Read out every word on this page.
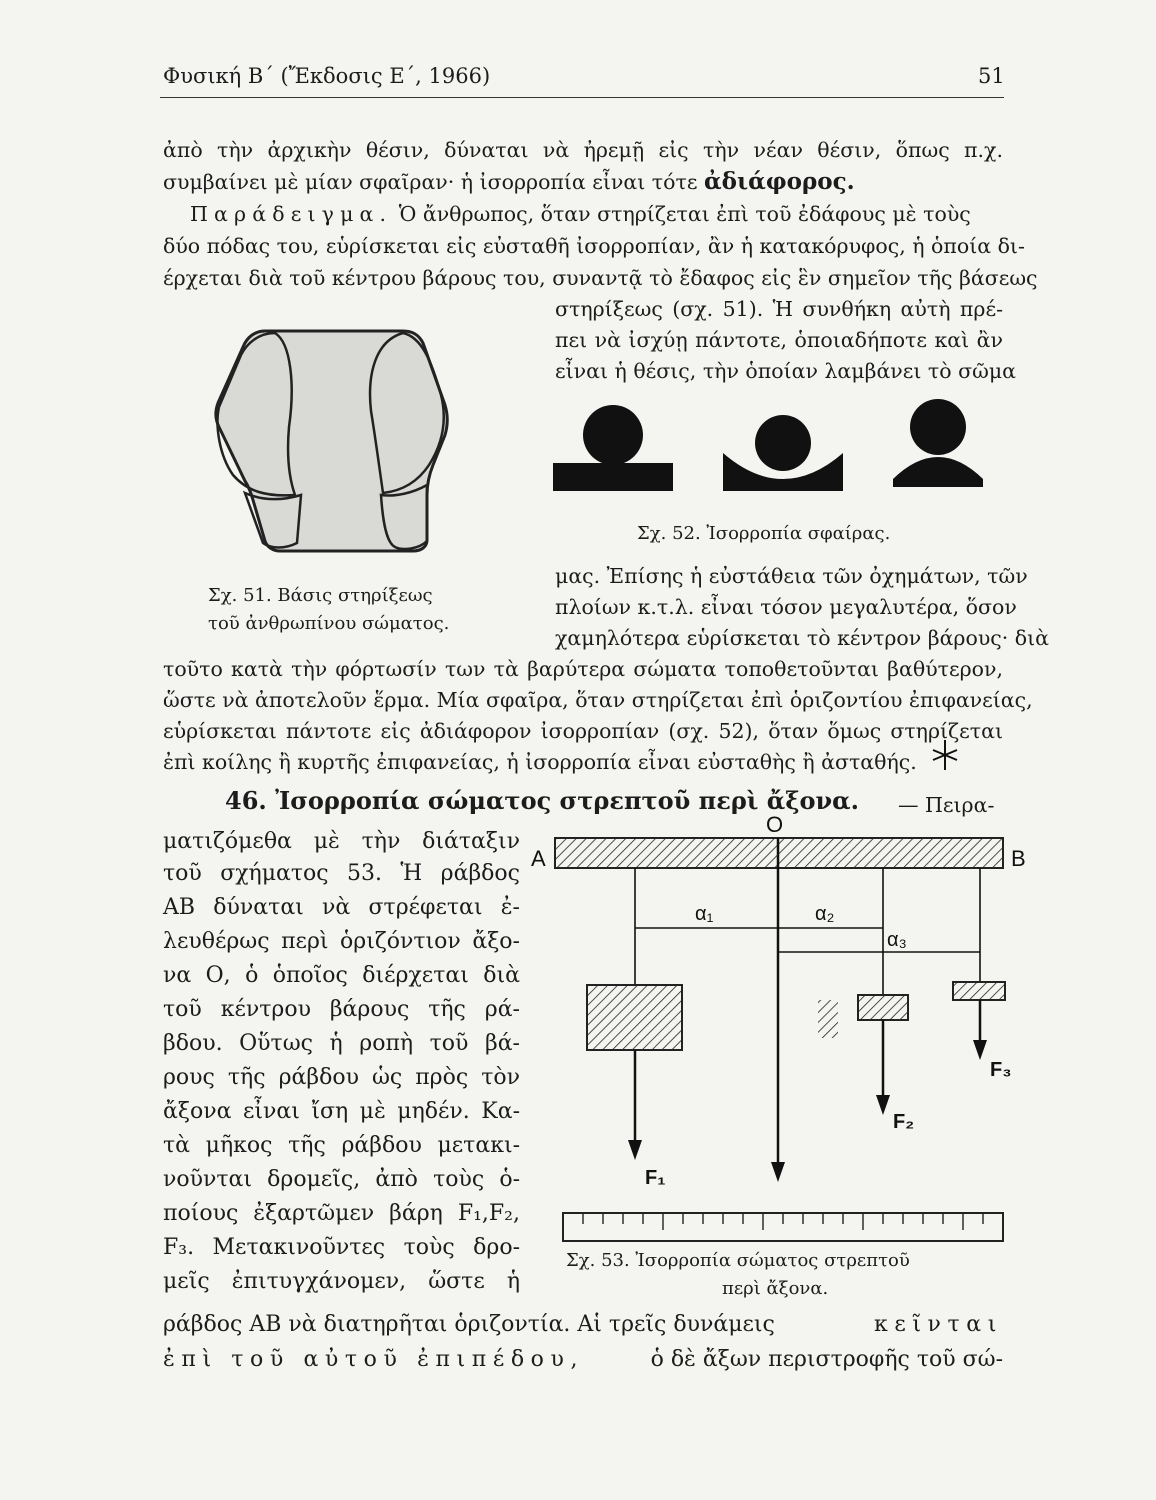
Φυσική Β΄ (Ἔκδοσις Ε΄, 1966)	51
ἀπὸ τὴν ἀρχικὴν θέσιν, δύναται νὰ ἠρεμῇ εἰς τὴν νέαν θέσιν, ὅπως π.χ.
συμβαίνει μὲ μίαν σφαῖραν· ἡ ἰσορροπία εἶναι τότε ἀδιάφορος.
Παράδειγμα. Ὁ ἄνθρωπος, ὅταν στηρίζεται ἐπὶ τοῦ ἐδάφους μὲ τοὺς
δύο πόδας του, εὑρίσκεται εἰς εὐσταθῆ ἰσορροπίαν, ἂν ἡ κατακόρυφος, ἡ ὁποία δι-
έρχεται διὰ τοῦ κέντρου βάρους του, συναντᾷ τὸ ἔδαφος εἰς ἓν σημεῖον τῆς βάσεως
στηρίξεως (σχ. 51). Ἡ συνθήκη αὐτὴ πρέ-
πει νὰ ἰσχύῃ πάντοτε, ὁποιαδήποτε καὶ ἂν
εἶναι ἡ θέσις, τὴν ὁποίαν λαμβάνει τὸ σῶμα
Σχ. 51. Βάσις στηρίξεως
τοῦ ἀνθρωπίνου σώματος.
Σχ. 52. Ἰσορροπία σφαίρας.
μας. Ἐπίσης ἡ εὐστάθεια τῶν ὀχημάτων, τῶν
πλοίων κ.τ.λ. εἶναι τόσον μεγαλυτέρα, ὅσον
χαμηλότερα εὑρίσκεται τὸ κέντρον βάρους· διὰ
τοῦτο κατὰ τὴν φόρτωσίν των τὰ βαρύτερα σώματα τοποθετοῦνται βαθύτερον,
ὥστε νὰ ἀποτελοῦν ἕρμα. Μία σφαῖρα, ὅταν στηρίζεται ἐπὶ ὁριζοντίου ἐπιφανείας,
εὑρίσκεται πάντοτε εἰς ἀδιάφορον ἰσορροπίαν (σχ. 52), ὅταν ὅμως στηρίζεται
ἐπὶ κοίλης ἢ κυρτῆς ἐπιφανείας, ἡ ἰσορροπία εἶναι εὐσταθὴς ἢ ἀσταθής.
46. Ἰσορροπία σώματος στρεπτοῦ περὶ ἄξονα. — Πειρα-
ματιζόμεθα μὲ τὴν διάταξιν
τοῦ σχήματος 53. Ἡ ράβδος
ΑΒ δύναται νὰ στρέφεται ἐ-
λευθέρως περὶ ὁριζόντιον ἄξο-
να Ο, ὁ ὁποῖος διέρχεται διὰ
τοῦ κέντρου βάρους τῆς ρά-
βδου. Οὕτως ἡ ροπὴ τοῦ βά-
ρους τῆς ράβδου ὡς πρὸς τὸν
ἄξονα εἶναι ἴση μὲ μηδέν. Κα-
τὰ μῆκος τῆς ράβδου μετακι-
νοῦνται δρομεῖς, ἀπὸ τοὺς ὁ-
ποίους ἐξαρτῶμεν βάρη F₁,F₂,
F₃. Μετακινοῦντες τοὺς δρο-
μεῖς ἐπιτυγχάνομεν, ὥστε ἡ
A	B
O
α₁	α₂
α₃
F₁
F₂
F₃
Σχ. 53. Ἰσορροπία σώματος στρεπτοῦ
περὶ ἄξονα.
ράβδος ΑΒ νὰ διατηρῆται ὁριζοντία. Αἱ τρεῖς δυνάμεις	κεῖνται
ἐπὶ τοῦ αὐτοῦ ἐπιπέδου,	ὁ δὲ ἄξων περιστροφῆς τοῦ σώ-
